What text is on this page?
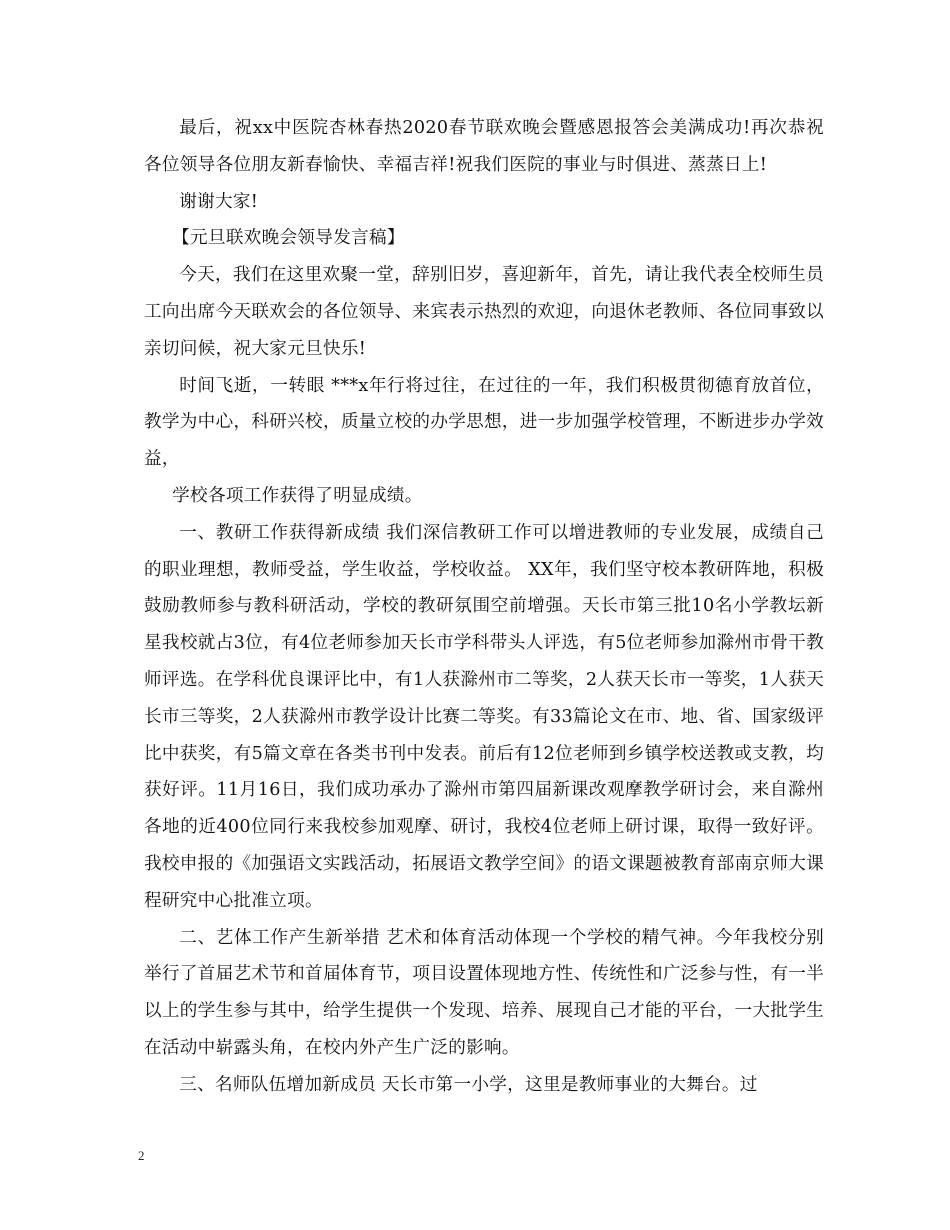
最后，祝xx中医院杏林春热2020春节联欢晚会暨感恩报答会美满成功!再次恭祝各位领导各位朋友新春愉快、幸福吉祥!祝我们医院的事业与时俱进、蒸蒸日上!

谢谢大家!

【元旦联欢晚会领导发言稿】

今天，我们在这里欢聚一堂，辞别旧岁，喜迎新年，首先，请让我代表全校师生员工向出席今天联欢会的各位领导、来宾表示热烈的欢迎，向退休老教师、各位同事致以亲切问候，祝大家元旦快乐!

时间飞逝，一转眼 ***x年行将过往，在过往的一年，我们积极贯彻德育放首位，教学为中心，科研兴校，质量立校的办学思想，进一步加强学校管理，不断进步办学效益，

学校各项工作获得了明显成绩。

一、教研工作获得新成绩 我们深信教研工作可以增进教师的专业发展，成绩自己的职业理想，教师受益，学生收益，学校收益。 XX年，我们坚守校本教研阵地，积极鼓励教师参与教科研活动，学校的教研氛围空前增强。天长市第三批10名小学教坛新星我校就占3位，有4位老师参加天长市学科带头人评选，有5位老师参加滁州市骨干教师评选。在学科优良课评比中，有1人获滁州市二等奖，2人获天长市一等奖，1人获天长市三等奖，2人获滁州市教学设计比赛二等奖。有33篇论文在市、地、省、国家级评比中获奖，有5篇文章在各类书刊中发表。前后有12位老师到乡镇学校送教或支教，均获好评。11月16日，我们成功承办了滁州市第四届新课改观摩教学研讨会，来自滁州各地的近400位同行来我校参加观摩、研讨，我校4位老师上研讨课，取得一致好评。我校申报的《加强语文实践活动，拓展语文教学空间》的语文课题被教育部南京师大课程研究中心批准立项。

二、艺体工作产生新举措 艺术和体育活动体现一个学校的精气神。今年我校分别举行了首届艺术节和首届体育节，项目设置体现地方性、传统性和广泛参与性，有一半以上的学生参与其中，给学生提供一个发现、培养、展现自己才能的平台，一大批学生在活动中崭露头角，在校内外产生广泛的影响。

三、名师队伍增加新成员 天长市第一小学，这里是教师事业的大舞台。过

2
